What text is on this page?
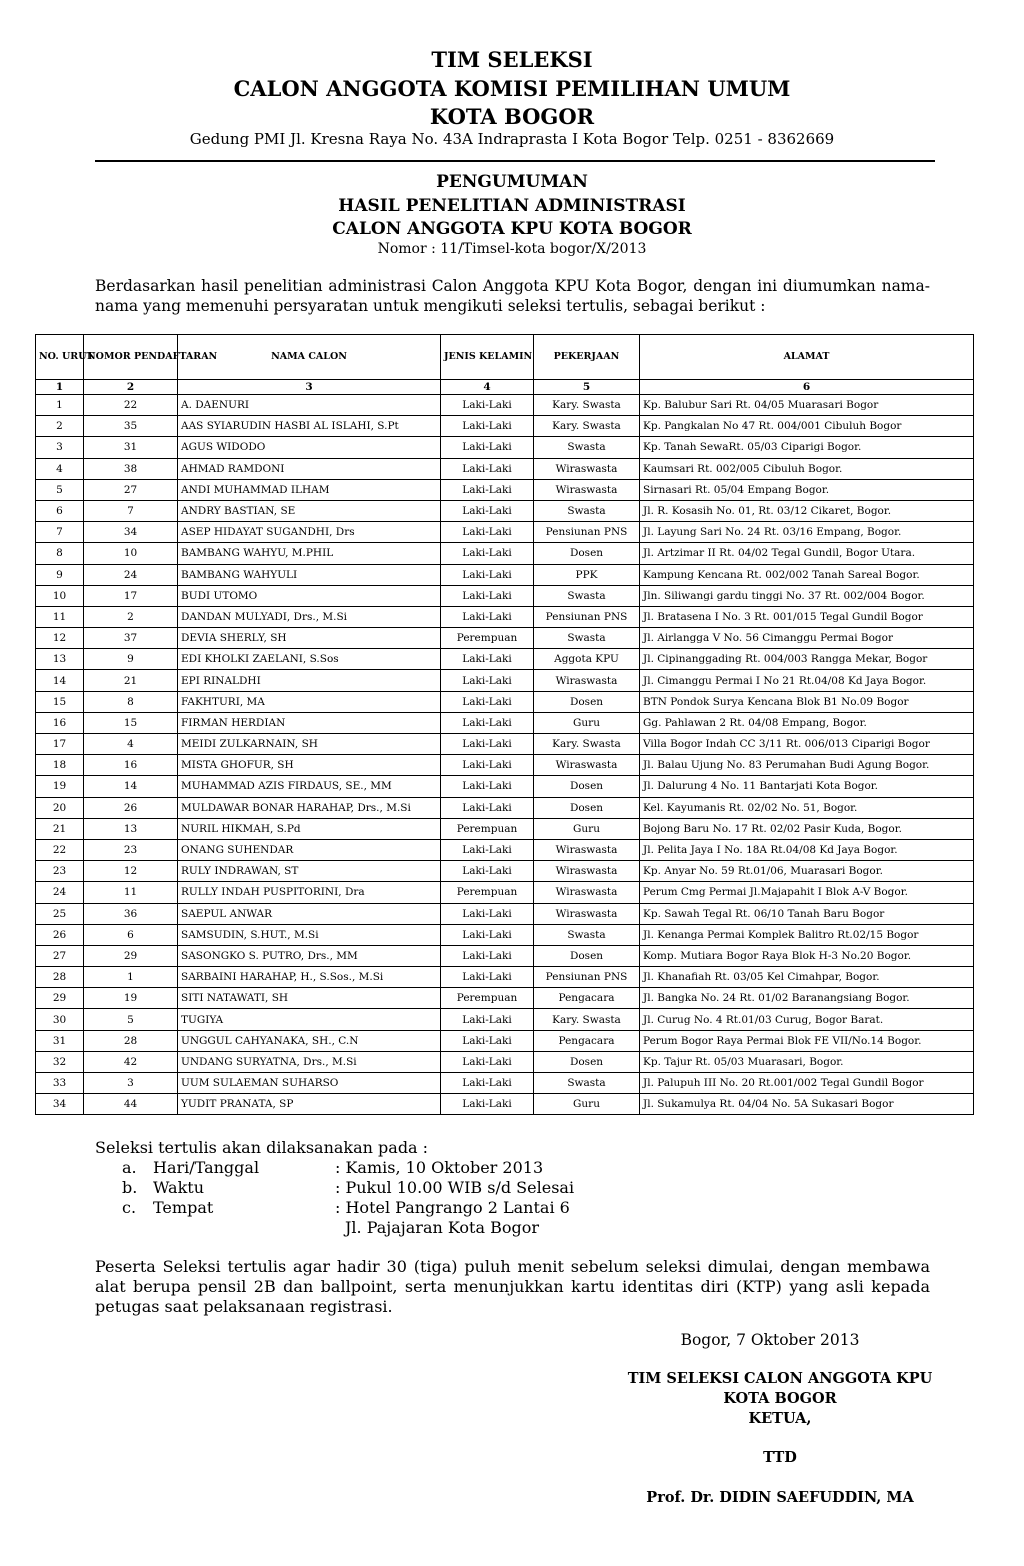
TIM SELEKSI
CALON ANGGOTA KOMISI PEMILIHAN UMUM
KOTA BOGOR
Gedung PMI Jl. Kresna Raya No. 43A Indraprasta I Kota Bogor Telp. 0251 - 8362669
PENGUMUMAN
HASIL PENELITIAN ADMINISTRASI
CALON ANGGOTA KPU KOTA BOGOR
Nomor : 11/Timsel-kota bogor/X/2013
Berdasarkan hasil penelitian administrasi Calon Anggota KPU Kota Bogor, dengan ini diumumkan nama-nama yang memenuhi persyaratan untuk mengikuti seleksi tertulis, sebagai berikut :
NO. URUT	NOMOR PENDAFTARAN	NAMA CALON	JENIS KELAMIN	PEKERJAAN	ALAMAT
1	2	3	4	5	6
1	22	A. DAENURI	Laki-Laki	Kary. Swasta	Kp. Balubur Sari Rt. 04/05 Muarasari Bogor
2	35	AAS SYIARUDIN HASBI AL ISLAHI, S.Pt	Laki-Laki	Kary. Swasta	Kp. Pangkalan No 47 Rt. 004/001 Cibuluh Bogor
3	31	AGUS WIDODO	Laki-Laki	Swasta	Kp. Tanah SewaRt. 05/03 Ciparigi Bogor.
4	38	AHMAD RAMDONI	Laki-Laki	Wiraswasta	Kaumsari Rt. 002/005 Cibuluh Bogor.
5	27	ANDI MUHAMMAD ILHAM	Laki-Laki	Wiraswasta	Sirnasari Rt. 05/04 Empang Bogor.
6	7	ANDRY BASTIAN, SE	Laki-Laki	Swasta	Jl. R. Kosasih No. 01, Rt. 03/12 Cikaret, Bogor.
7	34	ASEP HIDAYAT SUGANDHI, Drs	Laki-Laki	Pensiunan PNS	Jl. Layung Sari No. 24 Rt. 03/16 Empang, Bogor.
8	10	BAMBANG WAHYU, M.PHIL	Laki-Laki	Dosen	Jl. Artzimar II Rt. 04/02 Tegal Gundil, Bogor Utara.
9	24	BAMBANG WAHYULI	Laki-Laki	PPK	Kampung Kencana Rt. 002/002 Tanah Sareal Bogor.
10	17	BUDI UTOMO	Laki-Laki	Swasta	Jln. Siliwangi gardu tinggi No. 37 Rt. 002/004 Bogor.
11	2	DANDAN MULYADI, Drs., M.Si	Laki-Laki	Pensiunan PNS	Jl. Bratasena I No. 3 Rt. 001/015 Tegal Gundil Bogor
12	37	DEVIA SHERLY, SH	Perempuan	Swasta	Jl. Airlangga V No. 56 Cimanggu Permai Bogor
13	9	EDI KHOLKI ZAELANI, S.Sos	Laki-Laki	Aggota KPU	Jl. Cipinanggading Rt. 004/003 Rangga Mekar, Bogor
14	21	EPI RINALDHI	Laki-Laki	Wiraswasta	Jl. Cimanggu Permai I No 21 Rt.04/08 Kd Jaya Bogor.
15	8	FAKHTURI, MA	Laki-Laki	Dosen	BTN Pondok Surya Kencana Blok B1 No.09 Bogor
16	15	FIRMAN HERDIAN	Laki-Laki	Guru	Gg. Pahlawan 2 Rt. 04/08 Empang, Bogor.
17	4	MEIDI ZULKARNAIN, SH	Laki-Laki	Kary. Swasta	Villa Bogor Indah CC 3/11 Rt. 006/013 Ciparigi Bogor
18	16	MISTA GHOFUR, SH	Laki-Laki	Wiraswasta	Jl. Balau Ujung No. 83 Perumahan Budi Agung Bogor.
19	14	MUHAMMAD AZIS FIRDAUS, SE., MM	Laki-Laki	Dosen	Jl. Dalurung 4 No. 11 Bantarjati Kota Bogor.
20	26	MULDAWAR BONAR HARAHAP, Drs., M.Si	Laki-Laki	Dosen	Kel. Kayumanis Rt. 02/02 No. 51, Bogor.
21	13	NURIL HIKMAH, S.Pd	Perempuan	Guru	Bojong Baru No. 17 Rt. 02/02 Pasir Kuda, Bogor.
22	23	ONANG SUHENDAR	Laki-Laki	Wiraswasta	Jl. Pelita Jaya I No. 18A Rt.04/08 Kd Jaya Bogor.
23	12	RULY INDRAWAN, ST	Laki-Laki	Wiraswasta	Kp. Anyar No. 59 Rt.01/06, Muarasari Bogor.
24	11	RULLY INDAH PUSPITORINI, Dra	Perempuan	Wiraswasta	Perum Cmg Permai Jl.Majapahit I Blok A-V Bogor.
25	36	SAEPUL ANWAR	Laki-Laki	Wiraswasta	Kp. Sawah Tegal Rt. 06/10 Tanah Baru Bogor
26	6	SAMSUDIN, S.HUT., M.Si	Laki-Laki	Swasta	Jl. Kenanga Permai Komplek Balitro Rt.02/15 Bogor
27	29	SASONGKO S. PUTRO, Drs., MM	Laki-Laki	Dosen	Komp. Mutiara Bogor Raya Blok H-3 No.20 Bogor.
28	1	SARBAINI HARAHAP, H., S.Sos., M.Si	Laki-Laki	Pensiunan PNS	Jl. Khanafiah Rt. 03/05 Kel Cimahpar, Bogor.
29	19	SITI NATAWATI, SH	Perempuan	Pengacara	Jl. Bangka No. 24 Rt. 01/02 Baranangsiang Bogor.
30	5	TUGIYA	Laki-Laki	Kary. Swasta	Jl. Curug No. 4 Rt.01/03 Curug, Bogor Barat.
31	28	UNGGUL CAHYANAKA, SH., C.N	Laki-Laki	Pengacara	Perum Bogor Raya Permai Blok FE VII/No.14 Bogor.
32	42	UNDANG SURYATNA, Drs., M.Si	Laki-Laki	Dosen	Kp. Tajur Rt. 05/03 Muarasari, Bogor.
33	3	UUM SULAEMAN SUHARSO	Laki-Laki	Swasta	Jl. Palupuh III No. 20 Rt.001/002 Tegal Gundil Bogor
34	44	YUDIT PRANATA, SP	Laki-Laki	Guru	Jl. Sukamulya Rt. 04/04 No. 5A Sukasari Bogor
Seleksi tertulis akan dilaksanakan pada :
a. Hari/Tanggal	: Kamis, 10 Oktober 2013
b. Waktu	: Pukul 10.00 WIB s/d Selesai
c. Tempat	: Hotel Pangrango 2 Lantai 6
Jl. Pajajaran Kota Bogor
Peserta Seleksi tertulis agar hadir 30 (tiga) puluh menit sebelum seleksi dimulai, dengan membawa alat berupa pensil 2B dan ballpoint, serta menunjukkan kartu identitas diri (KTP) yang asli kepada petugas saat pelaksanaan registrasi.
Bogor, 7 Oktober 2013
TIM SELEKSI CALON ANGGOTA KPU
KOTA BOGOR
KETUA,
TTD
Prof. Dr. DIDIN SAEFUDDIN, MA
